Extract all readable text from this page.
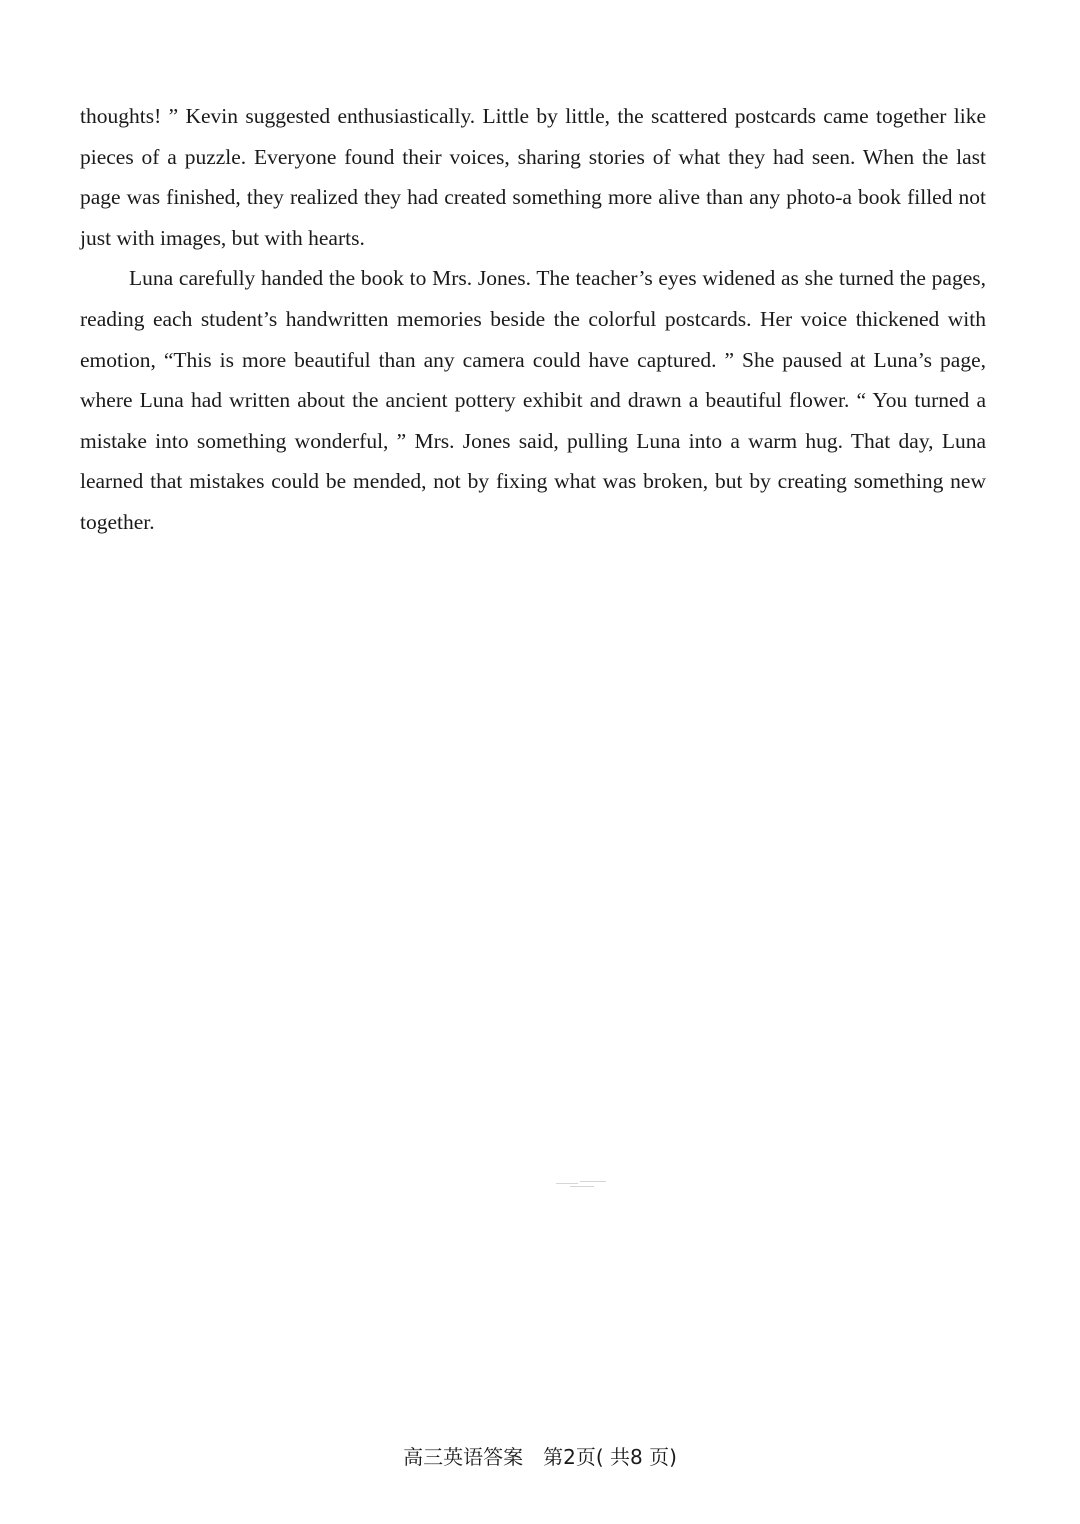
thoughts! ” Kevin suggested enthusiastically. Little by little, the scattered postcards came together like pieces of a puzzle. Everyone found their voices, sharing stories of what they had seen. When the last page was finished, they realized they had created something more alive than any photo-a book filled not just with images, but with hearts.

Luna carefully handed the book to Mrs. Jones. The teacher’s eyes widened as she turned the pages, reading each student’s handwritten memories beside the colorful postcards. Her voice thickened with emotion, “This is more beautiful than any camera could have captured. ” She paused at Luna’s page, where Luna had written about the ancient pottery exhibit and drawn a beautiful flower. “ You turned a mistake into something wonderful, ” Mrs. Jones said, pulling Luna into a warm hug. That day, Luna learned that mistakes could be mended, not by fixing what was broken, but by creating something new together.

高三英语答案　第2页( 共8 页)
